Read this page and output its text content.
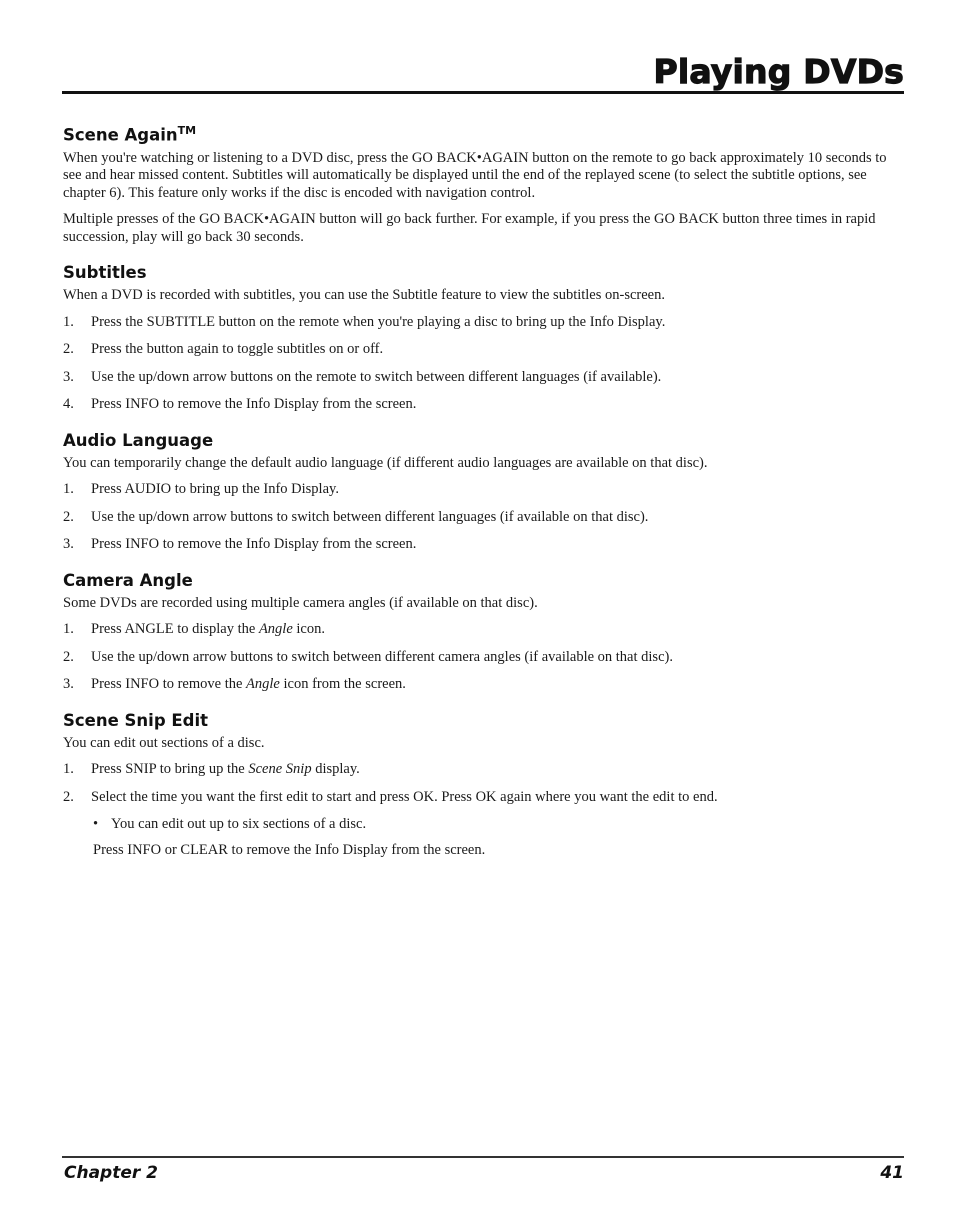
Playing DVDs
Scene Again™

When you're watching or listening to a DVD disc, press the GO BACK•AGAIN button on the remote to go back approximately 10 seconds to see and hear missed content. Subtitles will automatically be displayed until the end of the replayed scene (to select the subtitle options, see chapter 6). This feature only works if the disc is encoded with navigation control.

Multiple presses of the GO BACK•AGAIN button will go back further. For example, if you press the GO BACK button three times in rapid succession, play will go back 30 seconds.

Subtitles

When a DVD is recorded with subtitles, you can use the Subtitle feature to view the subtitles on-screen.

1. Press the SUBTITLE button on the remote when you're playing a disc to bring up the Info Display.
2. Press the button again to toggle subtitles on or off.
3. Use the up/down arrow buttons on the remote to switch between different languages (if available).
4. Press INFO to remove the Info Display from the screen.
Audio Language

You can temporarily change the default audio language (if different audio languages are available on that disc).

1. Press AUDIO to bring up the Info Display.
2. Use the up/down arrow buttons to switch between different languages (if available on that disc).
3. Press INFO to remove the Info Display from the screen.
Camera Angle

Some DVDs are recorded using multiple camera angles (if available on that disc).

1. Press ANGLE to display the Angle icon.
2. Use the up/down arrow buttons to switch between different camera angles (if available on that disc).
3. Press INFO to remove the Angle icon from the screen.
Scene Snip Edit

You can edit out sections of a disc.

1. Press SNIP to bring up the Scene Snip display.
2. Select the time you want the first edit to start and press OK. Press OK again where you want the edit to end.
• You can edit out up to six sections of a disc.

Press INFO or CLEAR to remove the Info Display from the screen.

Chapter 2	41
